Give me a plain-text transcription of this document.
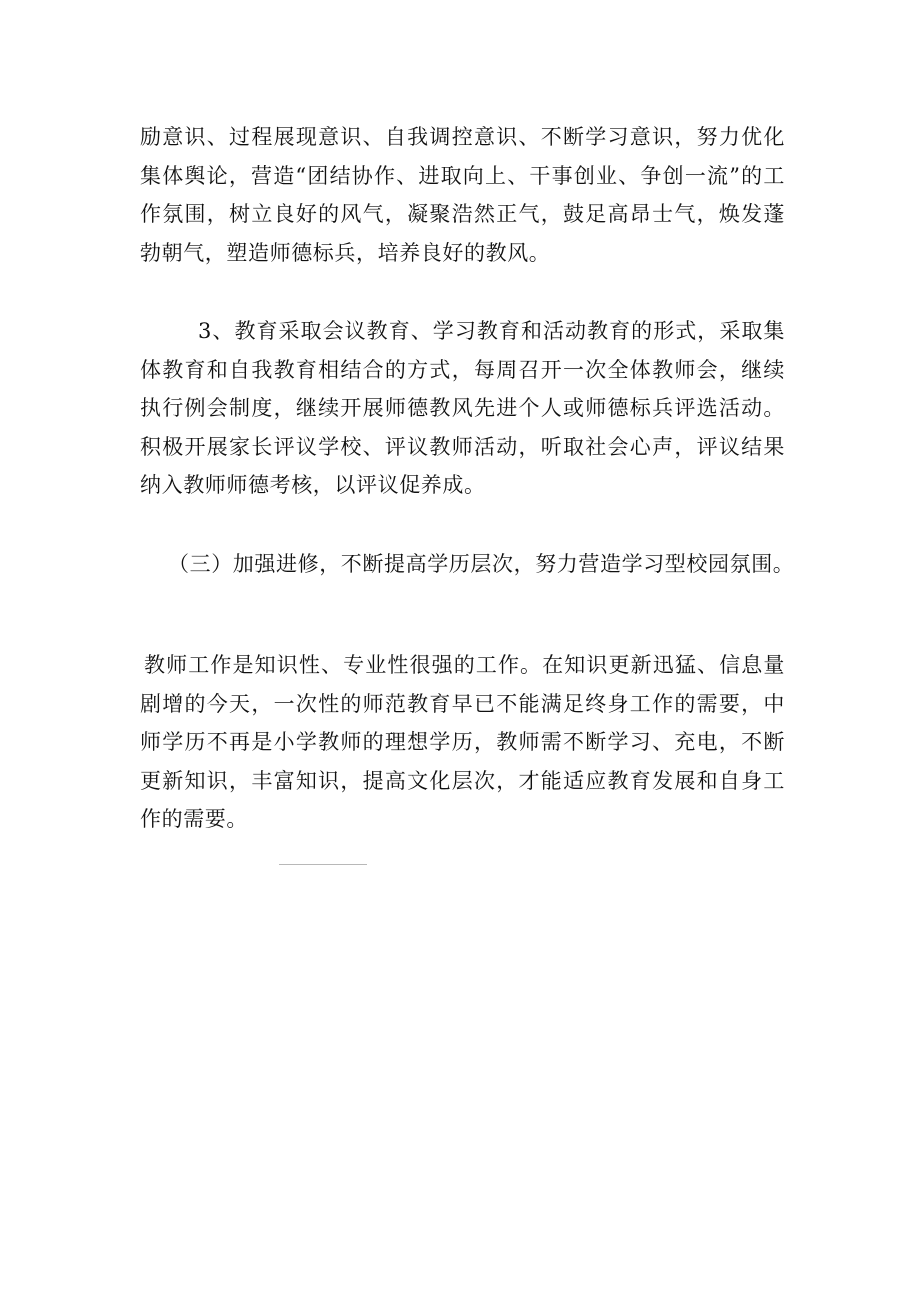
励意识、过程展现意识、自我调控意识、不断学习意识，努力优化集体舆论，营造“团结协作、进取向上、干事创业、争创一流”的工作氛围，树立良好的风气，凝聚浩然正气，鼓足高昂士气，焕发蓬勃朝气，塑造师德标兵，培养良好的教风。

3、教育采取会议教育、学习教育和活动教育的形式，采取集体教育和自我教育相结合的方式，每周召开一次全体教师会，继续执行例会制度，继续开展师德教风先进个人或师德标兵评选活动。积极开展家长评议学校、评议教师活动，听取社会心声，评议结果纳入教师师德考核，以评议促养成。

（三）加强进修，不断提高学历层次，努力营造学习型校园氛围。

教师工作是知识性、专业性很强的工作。在知识更新迅猛、信息量剧增的今天，一次性的师范教育早已不能满足终身工作的需要，中师学历不再是小学教师的理想学历，教师需不断学习、充电，不断更新知识，丰富知识，提高文化层次，才能适应教育发展和自身工作的需要。
